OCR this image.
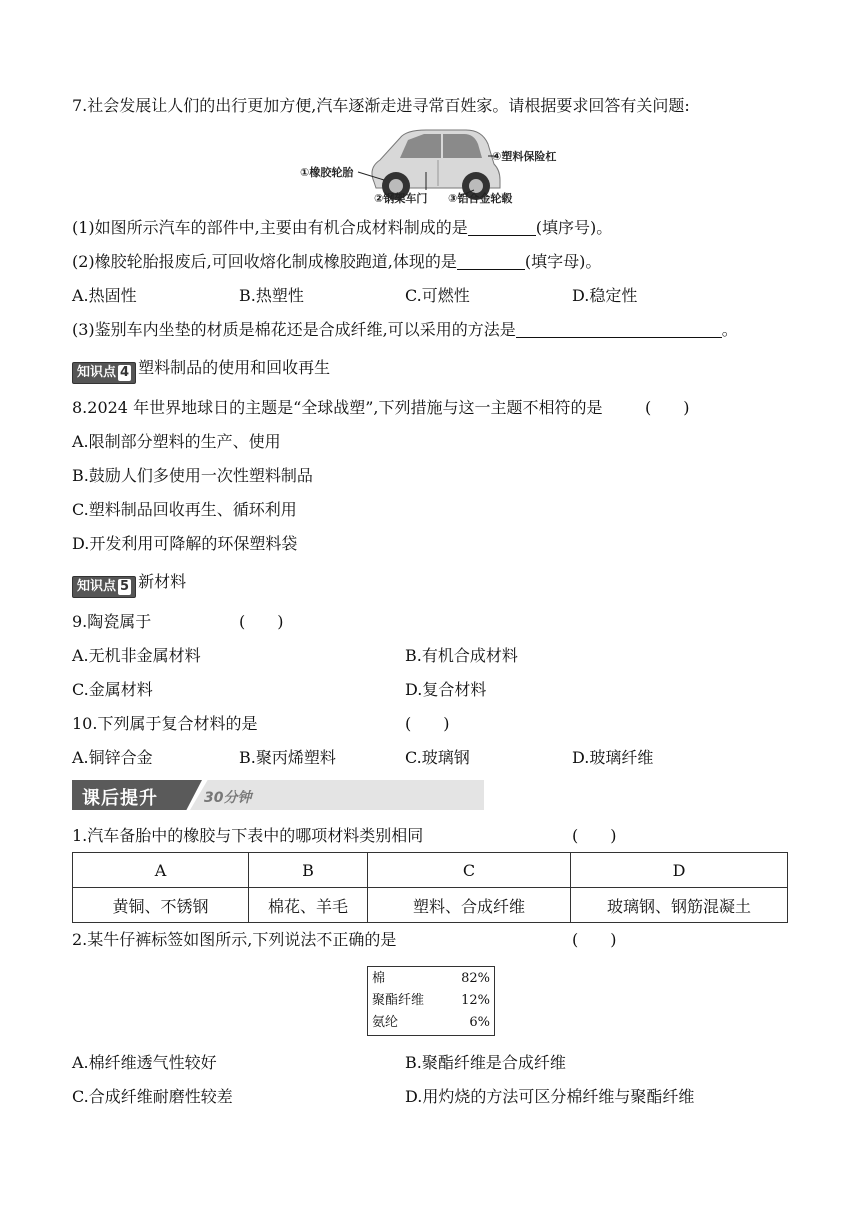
7.社会发展让人们的出行更加方便,汽车逐渐走进寻常百姓家。请根据要求回答有关问题:
①橡胶轮胎
②钢架车门 ③铝合金轮毂
④塑料保险杠
(1)如图所示汽车的部件中,主要由有机合成材料制成的是	(填序号)。
(2)橡胶轮胎报废后,可回收熔化制成橡胶跑道,体现的是	(填字母)。
A.热固性	B.热塑性	C.可燃性	D.稳定性
(3)鉴别车内坐垫的材质是棉花还是合成纤维,可以采用的方法是	。
知识点 4 塑料制品的使用和回收再生
8.2024 年世界地球日的主题是“全球战塑”,下列措施与这一主题不相符的是	(　　)
A.限制部分塑料的生产、使用
B.鼓励人们多使用一次性塑料制品
C.塑料制品回收再生、循环利用
D.开发利用可降解的环保塑料袋
知识点 5 新材料
9.陶瓷属于	(　　)
A.无机非金属材料	B.有机合成材料
C.金属材料	D.复合材料
10.下列属于复合材料的是	(　　)
A.铜锌合金	B.聚丙烯塑料	C.玻璃钢	D.玻璃纤维
课后提升	30分钟
1.汽车备胎中的橡胶与下表中的哪项材料类别相同	(　　)
A	B	C	D
黄铜、不锈钢	棉花、羊毛	塑料、合成纤维	玻璃钢、钢筋混凝土
2.某牛仔裤标签如图所示,下列说法不正确的是	(　　)
棉	82%
聚酯纤维	12%
氨纶	6%
A.棉纤维透气性较好	B.聚酯纤维是合成纤维
C.合成纤维耐磨性较差	D.用灼烧的方法可区分棉纤维与聚酯纤维
